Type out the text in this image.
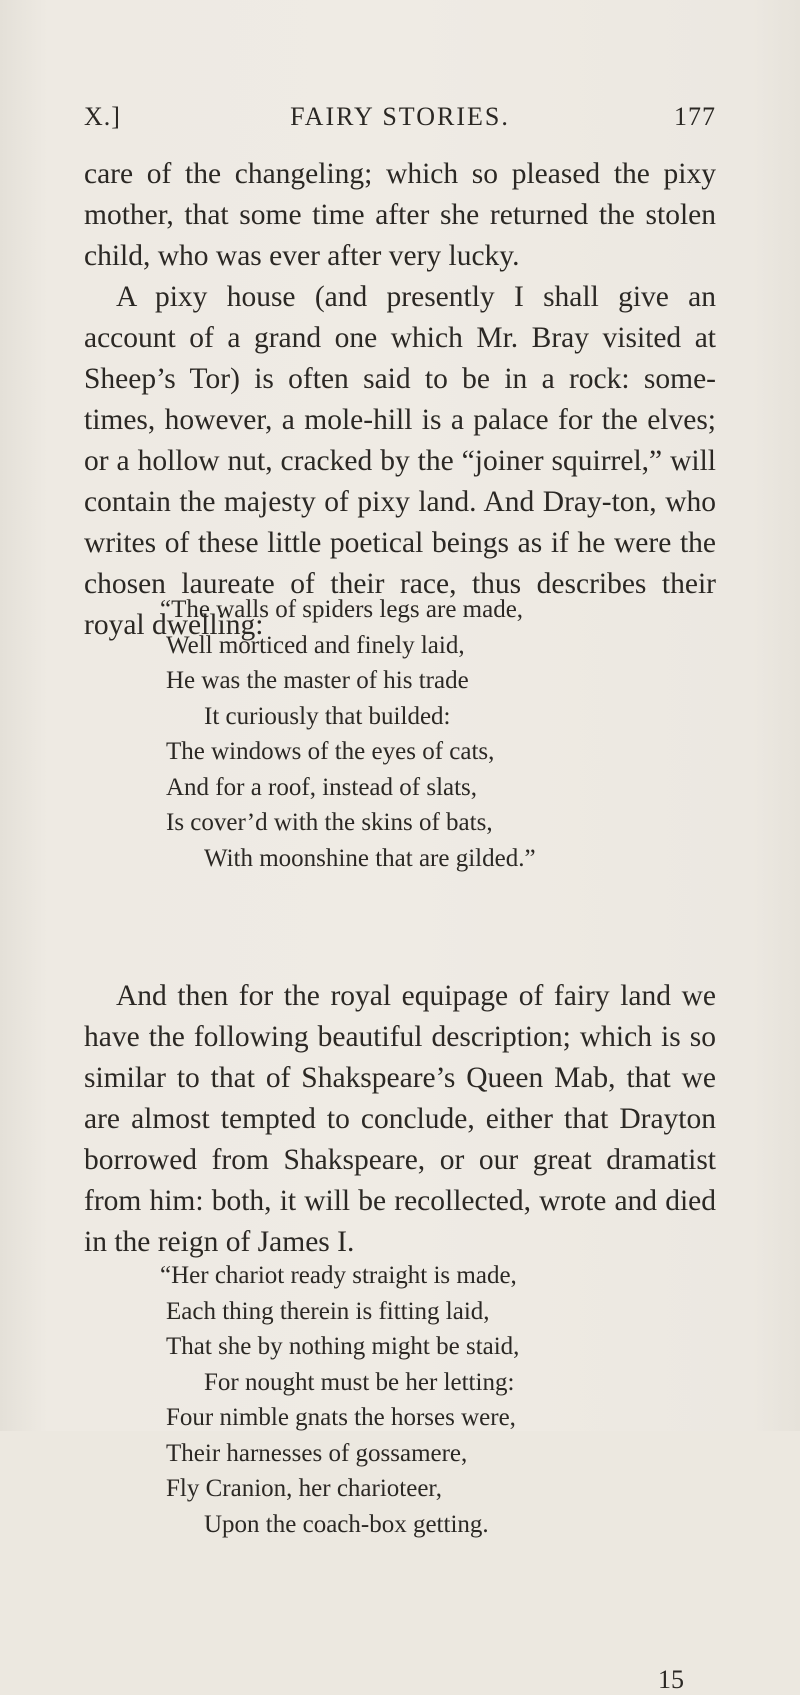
X.]	FAIRY STORIES.	177

care of the changeling; which so pleased the pixy mother, that some time after she returned the stolen child, who was ever after very lucky.

A pixy house (and presently I shall give an account of a grand one which Mr. Bray visited at Sheep’s Tor) is often said to be in a rock: some-times, however, a mole-hill is a palace for the elves; or a hollow nut, cracked by the “joiner squirrel,” will contain the majesty of pixy land. And Dray-ton, who writes of these little poetical beings as if he were the chosen laureate of their race, thus describes their royal dwelling:

“The walls of spiders legs are made,
Well morticed and finely laid,
He was the master of his trade
It curiously that builded:
The windows of the eyes of cats,
And for a roof, instead of slats,
Is cover’d with the skins of bats,
With moonshine that are gilded.”

And then for the royal equipage of fairy land we have the following beautiful description; which is so similar to that of Shakspeare’s Queen Mab, that we are almost tempted to conclude, either that Drayton borrowed from Shakspeare, or our great dramatist from him: both, it will be recollected, wrote and died in the reign of James I.

“Her chariot ready straight is made,
Each thing therein is fitting laid,
That she by nothing might be staid,
For nought must be her letting:
Four nimble gnats the horses were,
Their harnesses of gossamere,
Fly Cranion, her charioteer,
Upon the coach-box getting.
15
